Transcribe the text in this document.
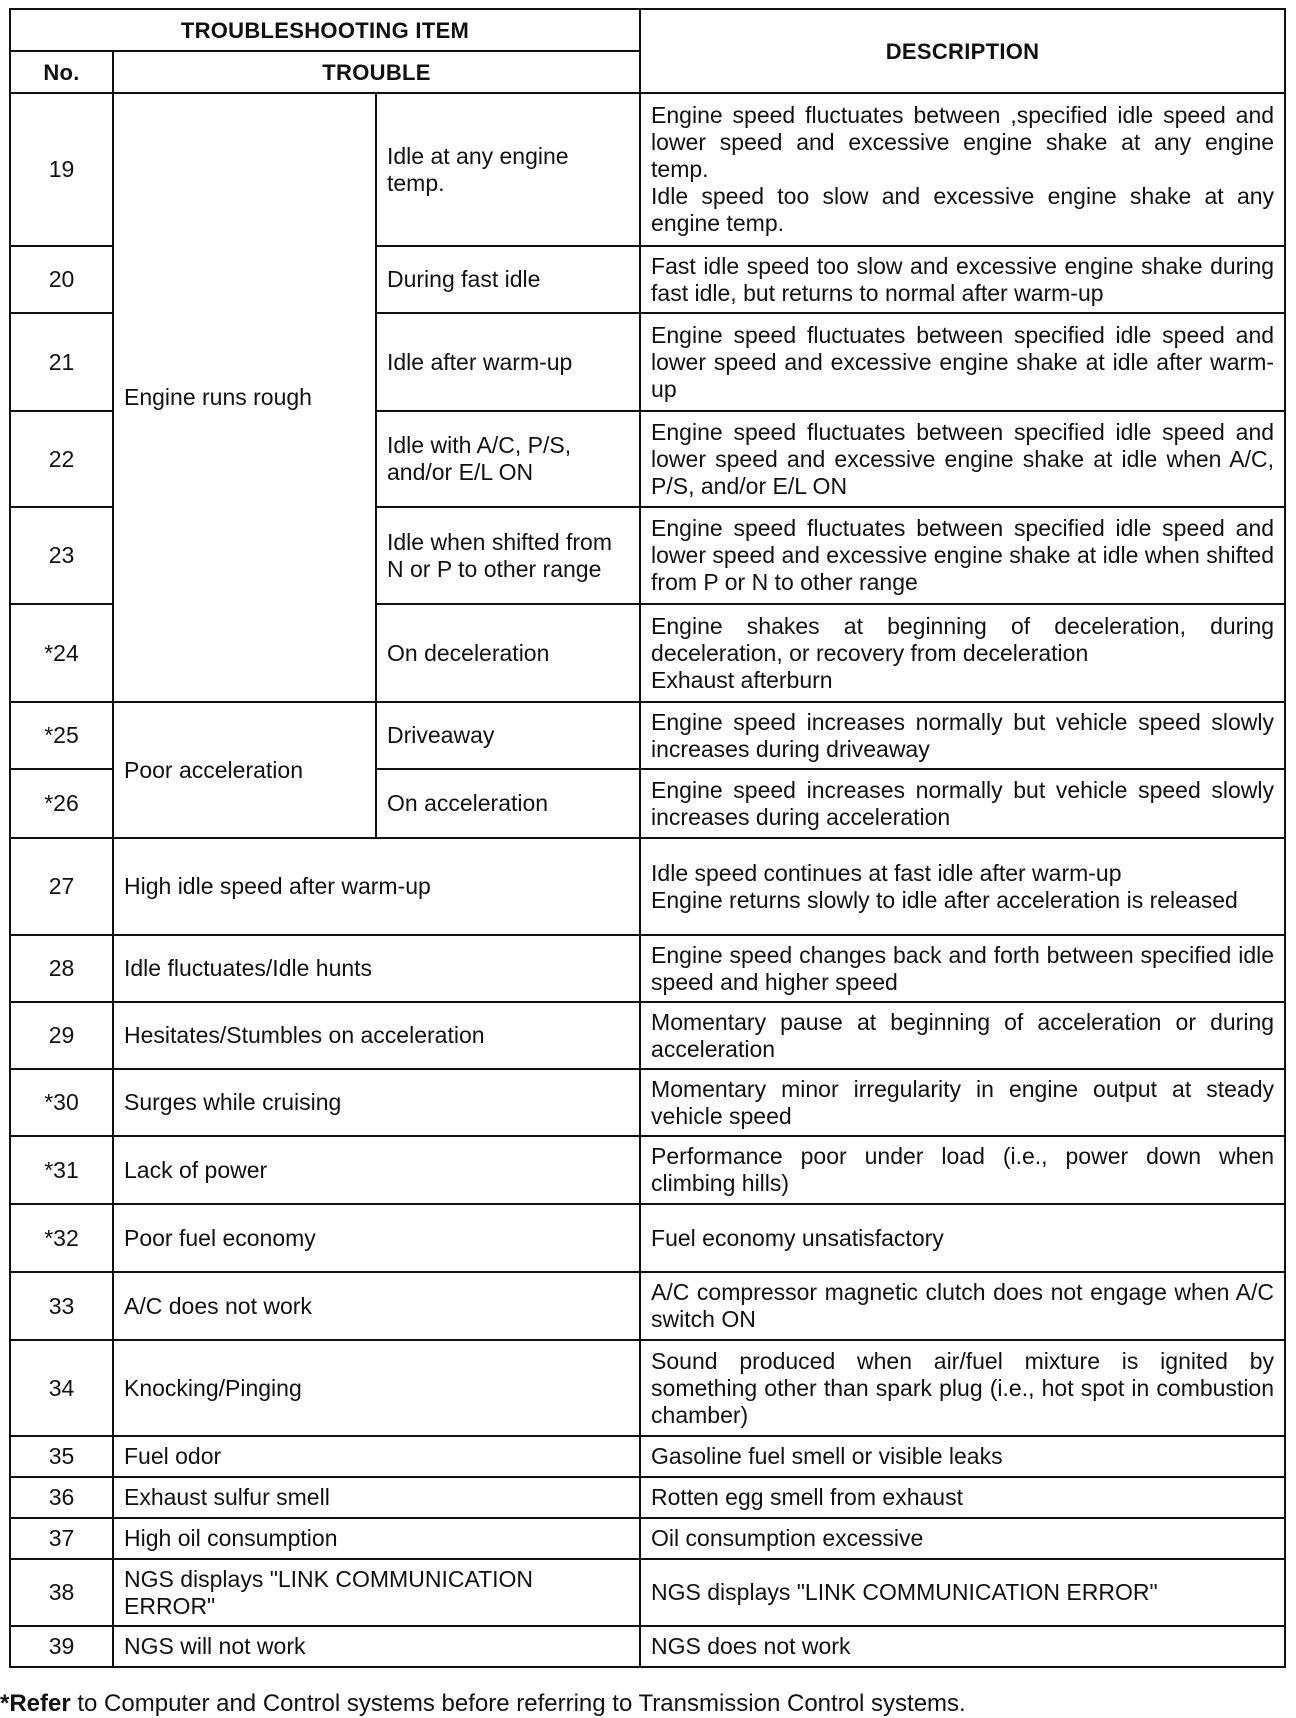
TROUBLESHOOTING ITEM			DESCRIPTION
No.	TROUBLE		
19	Engine runs rough	Idle at any engine temp.	Engine speed fluctuates between ,specified idle speed and lower speed and excessive engine shake at any engine temp.
Idle speed too slow and excessive engine shake at any engine temp.

20		During fast idle	Fast idle speed too slow and excessive engine shake during fast idle, but returns to normal after warm-up
21		Idle after warm-up	Engine speed fluctuates between specified idle speed and lower speed and excessive engine shake at idle after warm-up
22		Idle with A/C, P/S, and/or E/L ON	Engine speed fluctuates between specified idle speed and lower speed and excessive engine shake at idle when A/C, P/S, and/or E/L ON
23		Idle when shifted from N or P to other range	Engine speed fluctuates between specified idle speed and lower speed and excessive engine shake at idle when shifted from P or N to other range
*24		On deceleration	Engine shakes at beginning of deceleration, during deceleration, or recovery from deceleration
Exhaust afterburn

*25	Poor acceleration	Driveaway	Engine speed increases normally but vehicle speed slowly increases during driveaway
*26		On acceleration	Engine speed increases normally but vehicle speed slowly increases during acceleration
27	High idle speed after warm-up		Idle speed continues at fast idle after warm-up
Engine returns slowly to idle after acceleration is released

28	Idle fluctuates/Idle hunts		Engine speed changes back and forth between specified idle speed and higher speed
29	Hesitates/Stumbles on acceleration		Momentary pause at beginning of acceleration or during acceleration
*30	Surges while cruising		Momentary minor irregularity in engine output at steady vehicle speed
*31	Lack of power		Performance poor under load (i.e., power down when climbing hills)
*32	Poor fuel economy		Fuel economy unsatisfactory
33	A/C does not work		A/C compressor magnetic clutch does not engage when A/C switch ON
34	Knocking/Pinging		Sound produced when air/fuel mixture is ignited by something other than spark plug (i.e., hot spot in combustion chamber)
35	Fuel odor		Gasoline fuel smell or visible leaks
36	Exhaust sulfur smell		Rotten egg smell from exhaust
37	High oil consumption		Oil consumption excessive
38	NGS displays "LINK COMMUNICATION ERROR"		NGS displays "LINK COMMUNICATION ERROR"
39	NGS will not work		NGS does not work
*Refer to Computer and Control systems before referring to Transmission Control systems.
